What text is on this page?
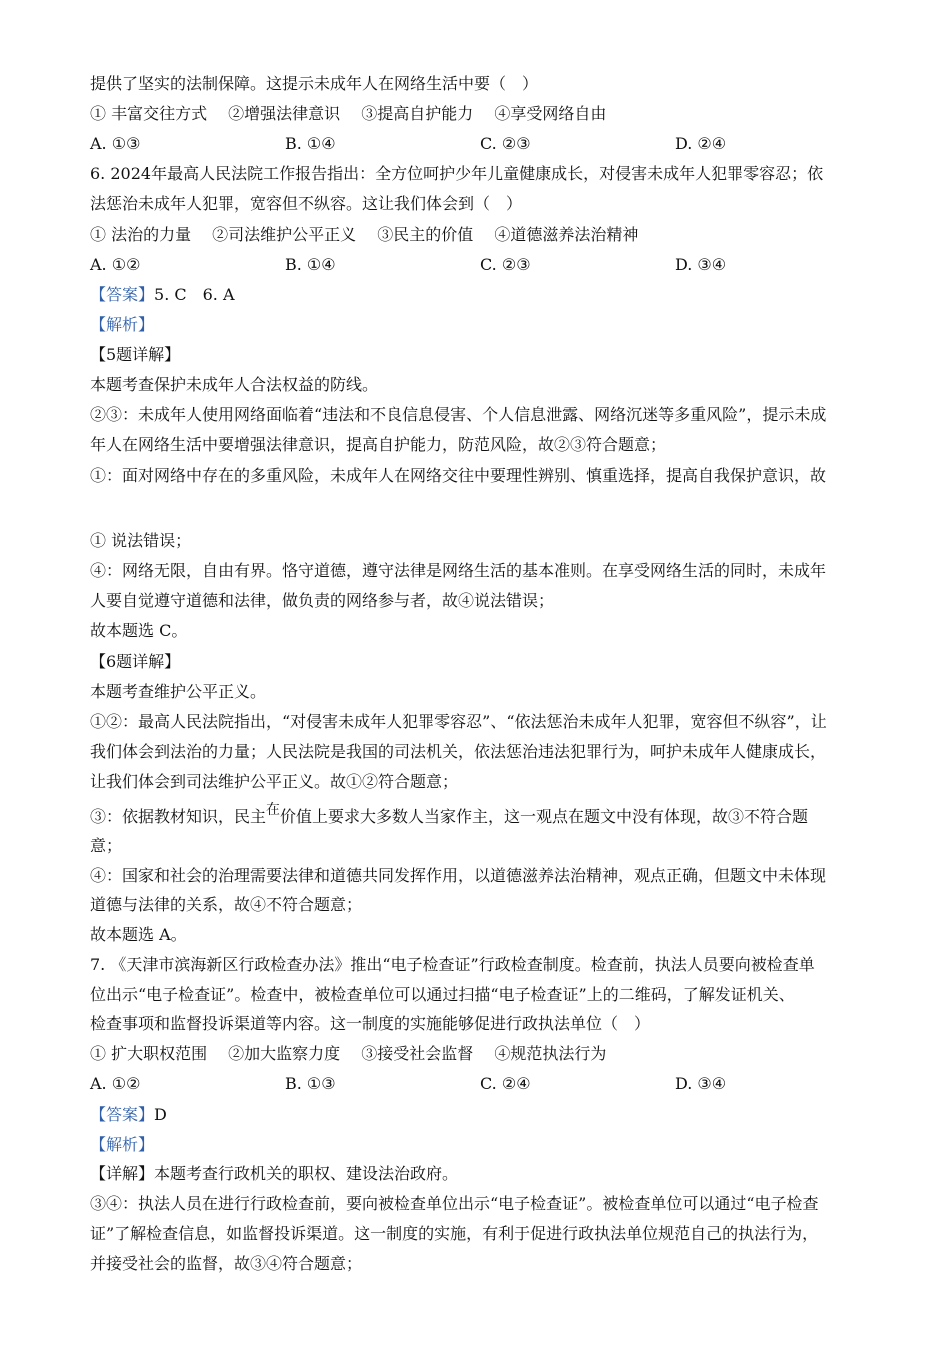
提供了坚实的法制保障。这提示未成年人在网络生活中要（　）
① 丰富交往方式　 ②增强法律意识　 ③提高自护能力　 ④享受网络自由
A. ①③	B. ①④	C. ②③	D. ②④
6. 2024年最高人民法院工作报告指出：全方位呵护少年儿童健康成长，对侵害未成年人犯罪零容忍；依
法惩治未成年人犯罪，宽容但不纵容。这让我们体会到（　）
① 法治的力量　 ②司法维护公平正义　 ③民主的价值　 ④道德滋养法治精神
A. ①②	B. ①④	C. ②③	D. ③④
【答案】5. C　6. A
【解析】
【5题详解】
本题考查保护未成年人合法权益的防线。
②③：未成年人使用网络面临着“违法和不良信息侵害、个人信息泄露、网络沉迷等多重风险”，提示未成
年人在网络生活中要增强法律意识，提高自护能力，防范风险，故②③符合题意；
①：面对网络中存在的多重风险，未成年人在网络交往中要理性辨别、慎重选择，提高自我保护意识，故
① 说法错误；
④：网络无限，自由有界。恪守道德，遵守法律是网络生活的基本准则。在享受网络生活的同时，未成年
人要自觉遵守道德和法律，做负责的网络参与者，故④说法错误；
故本题选 C。
【6题详解】
本题考查维护公平正义。
①②：最高人民法院指出，“对侵害未成年人犯罪零容忍”、“依法惩治未成年人犯罪，宽容但不纵容”，让
我们体会到法治的力量；人民法院是我国的司法机关，依法惩治违法犯罪行为，呵护未成年人健康成长，
让我们体会到司法维护公平正义。故①②符合题意；
③：依据教材知识，民主在价值上要求大多数人当家作主，这一观点在题文中没有体现，故③不符合题
意；
④：国家和社会的治理需要法律和道德共同发挥作用，以道德滋养法治精神，观点正确，但题文中未体现
道德与法律的关系，故④不符合题意；
故本题选 A。
7. 《天津市滨海新区行政检查办法》推出“电子检查证”行政检查制度。检查前，执法人员要向被检查单
位出示“电子检查证”。检查中，被检查单位可以通过扫描“电子检查证”上的二维码，了解发证机关、
检查事项和监督投诉渠道等内容。这一制度的实施能够促进行政执法单位（　）
① 扩大职权范围　 ②加大监察力度　 ③接受社会监督　 ④规范执法行为
A. ①②	B. ①③	C. ②④	D. ③④
【答案】D
【解析】
【详解】本题考查行政机关的职权、建设法治政府。
③④：执法人员在进行行政检查前，要向被检查单位出示“电子检查证”。被检查单位可以通过“电子检查
证”了解检查信息，如监督投诉渠道。这一制度的实施，有利于促进行政执法单位规范自己的执法行为，
并接受社会的监督，故③④符合题意；
